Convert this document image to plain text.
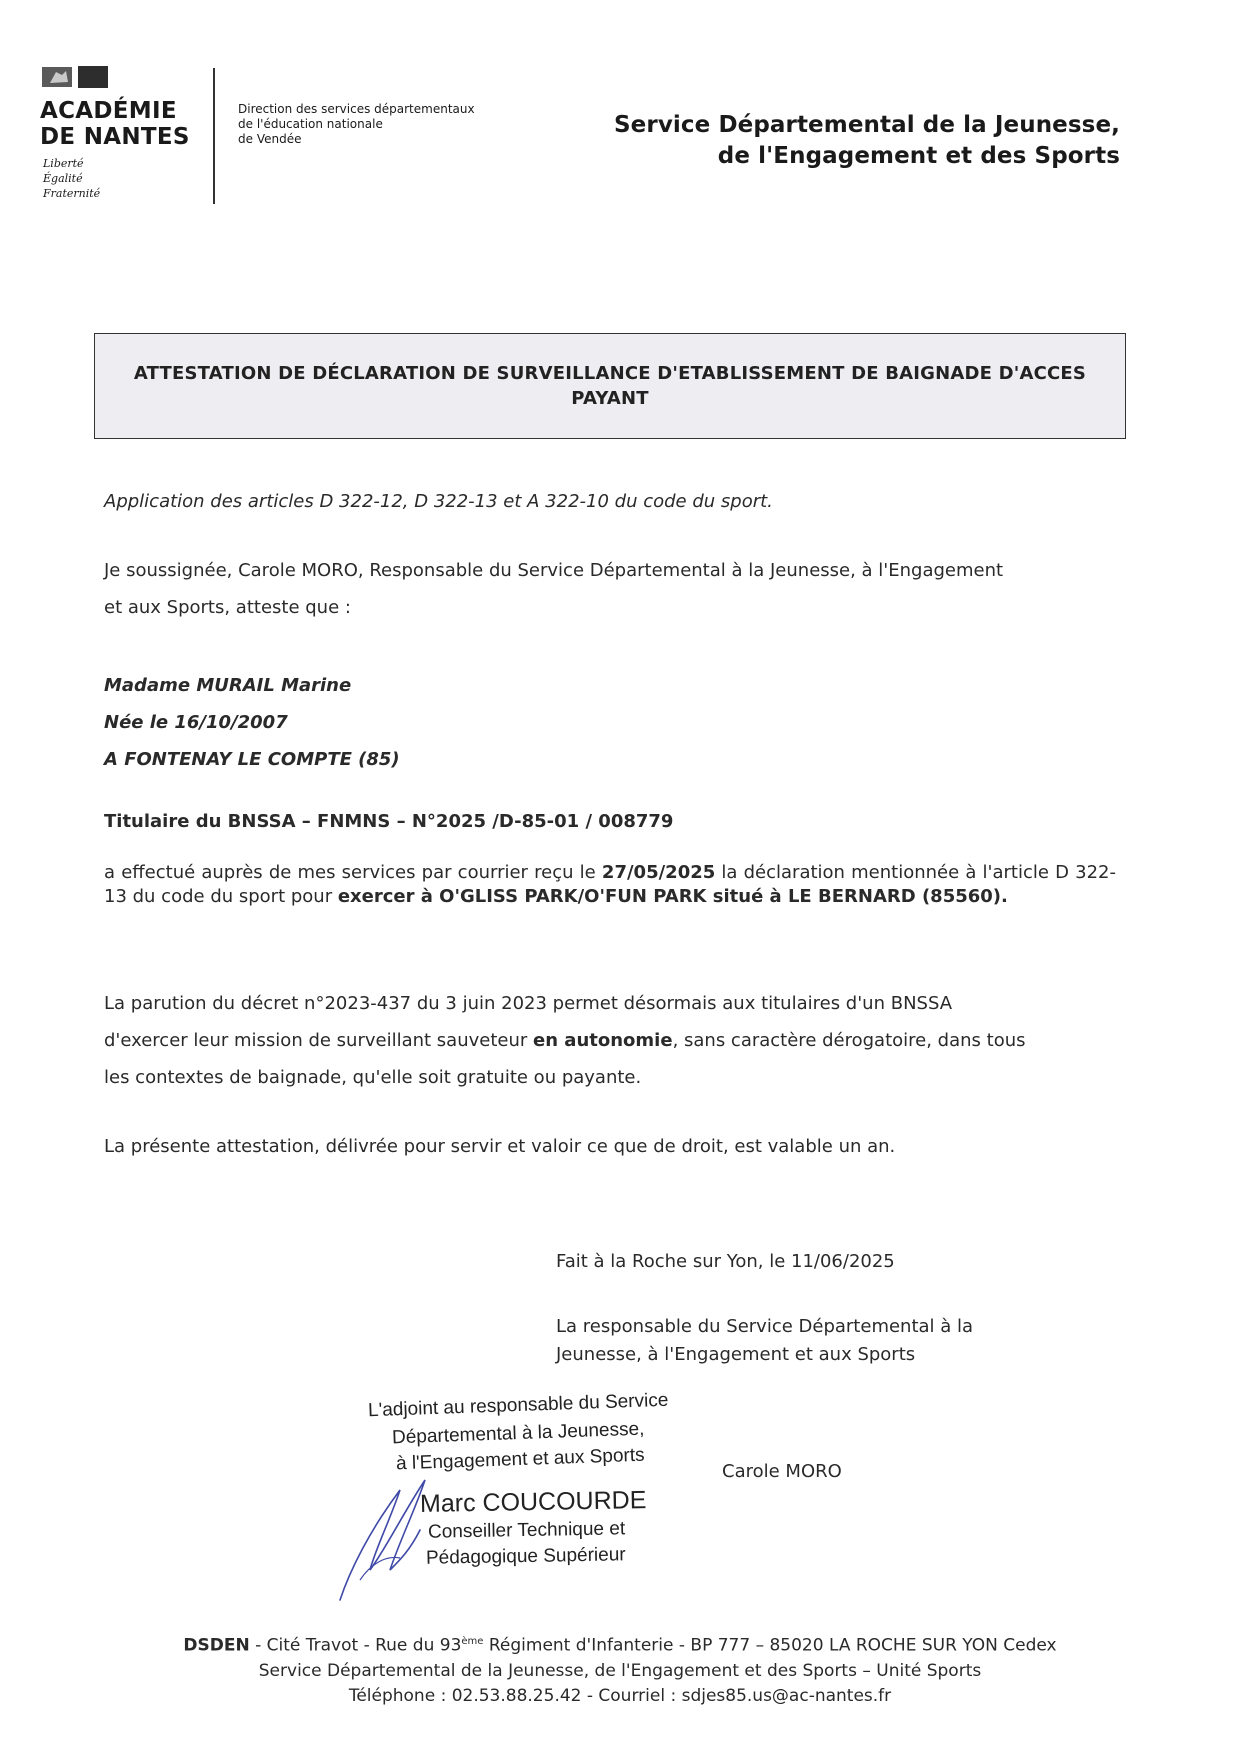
ACADÉMIE
DE NANTES
Liberté
Égalité
Fraternité
Direction des services départementaux
de l'éducation nationale
de Vendée
Service Départemental de la Jeunesse,
de l'Engagement et des Sports
ATTESTATION DE DÉCLARATION DE SURVEILLANCE D'ETABLISSEMENT DE BAIGNADE D'ACCES
PAYANT
Application des articles D 322-12, D 322-13 et A 322-10 du code du sport.
Je soussignée, Carole MORO, Responsable du Service Départemental à la Jeunesse, à l'Engagement
et aux Sports, atteste que :
Madame MURAIL Marine
Née le 16/10/2007
A FONTENAY LE COMPTE (85)
Titulaire du BNSSA – FNMNS – N°2025 /D-85-01 / 008779
a effectué auprès de mes services par courrier reçu le 27/05/2025 la déclaration mentionnée à l'article D 322-13 du code du sport pour exercer à O'GLISS PARK/O'FUN PARK situé à LE BERNARD (85560).
La parution du décret n°2023-437 du 3 juin 2023 permet désormais aux titulaires d'un BNSSA
d'exercer leur mission de surveillant sauveteur en autonomie, sans caractère dérogatoire, dans tous
les contextes de baignade, qu'elle soit gratuite ou payante.
La présente attestation, délivrée pour servir et valoir ce que de droit, est valable un an.
Fait à la Roche sur Yon, le 11/06/2025
La responsable du Service Départemental à la
Jeunesse, à l'Engagement et aux Sports
Carole MORO
L'adjoint au responsable du Service
Départemental à la Jeunesse,
à l'Engagement et aux Sports
Marc COUCOURDE
Conseiller Technique et
Pédagogique Supérieur
DSDEN - Cité Travot - Rue du 93ème Régiment d'Infanterie - BP 777 – 85020 LA ROCHE SUR YON Cedex
Service Départemental de la Jeunesse, de l'Engagement et des Sports – Unité Sports
Téléphone : 02.53.88.25.42 - Courriel : sdjes85.us@ac-nantes.fr
